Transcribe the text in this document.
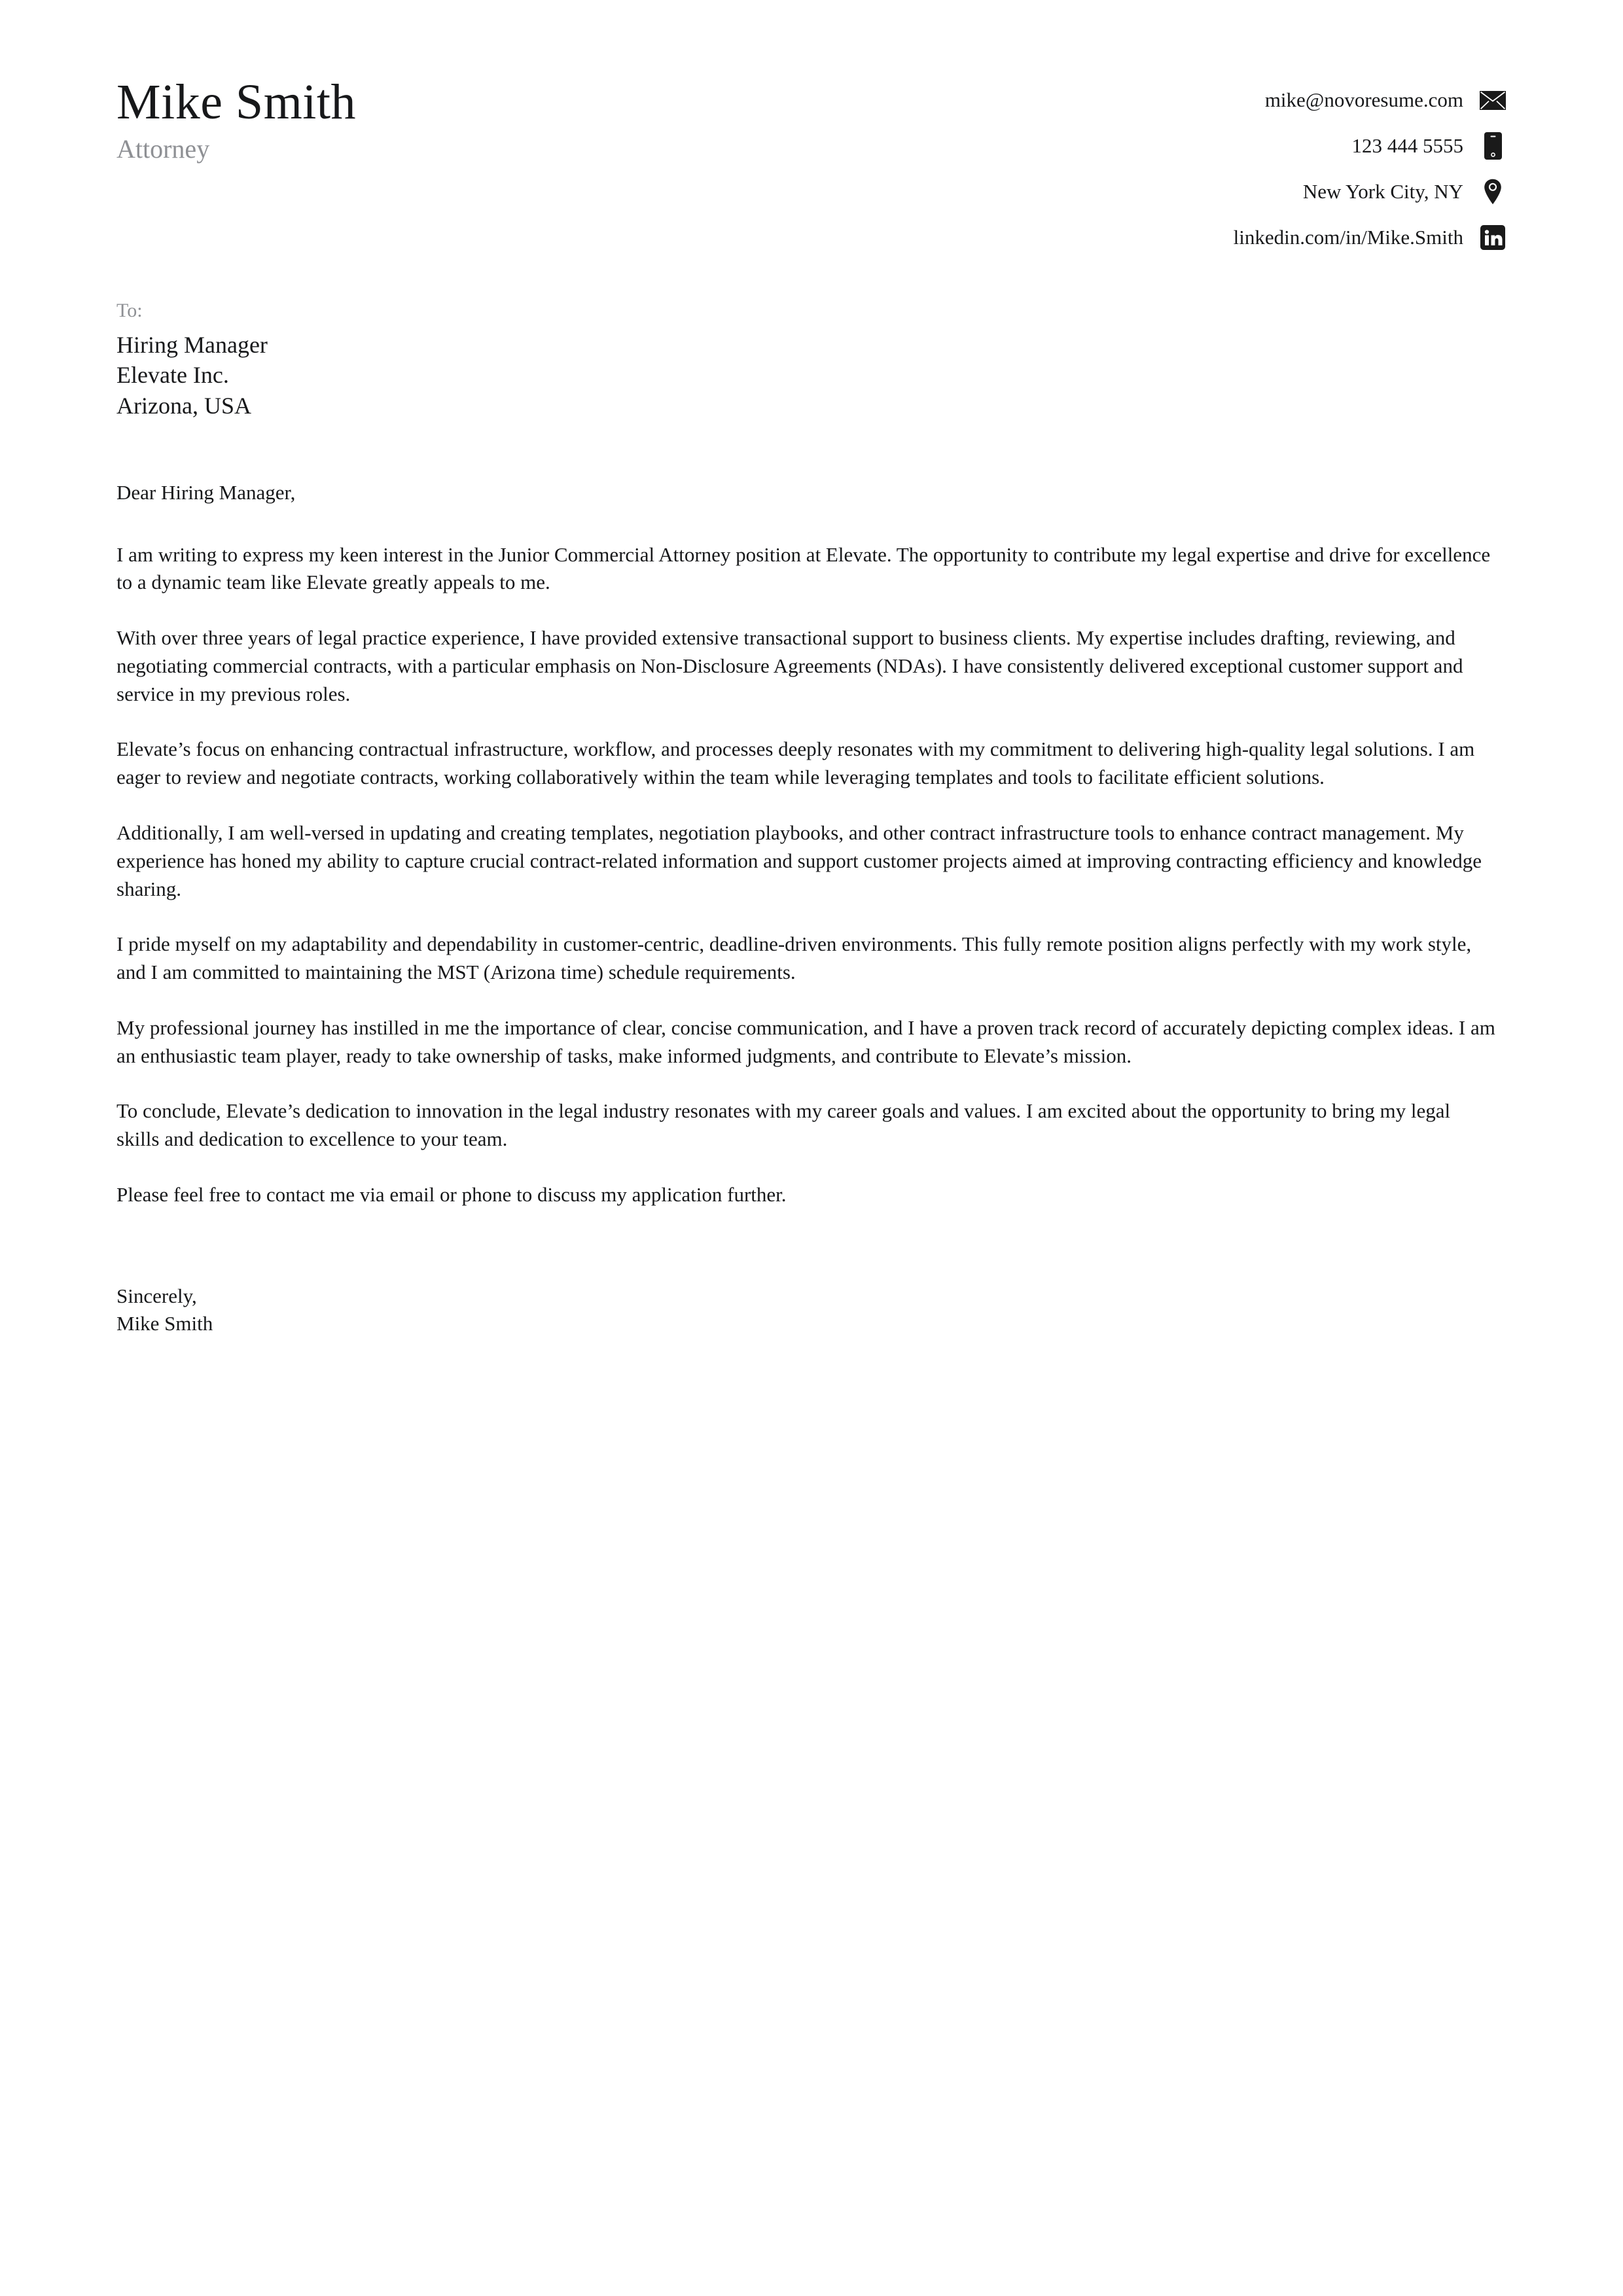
Mike Smith
Attorney
mike@novoresume.com
123 444 5555
New York City, NY
linkedin.com/in/Mike.Smith
To:
Hiring Manager
Elevate Inc.
Arizona, USA

Dear Hiring Manager,

I am writing to express my keen interest in the Junior Commercial Attorney position at Elevate. The opportunity to contribute my legal expertise and drive for excellence to a dynamic team like Elevate greatly appeals to me.

With over three years of legal practice experience, I have provided extensive transactional support to business clients. My expertise includes drafting, reviewing, and negotiating commercial contracts, with a particular emphasis on Non-Disclosure Agreements (NDAs). I have consistently delivered exceptional customer support and service in my previous roles.

Elevate’s focus on enhancing contractual infrastructure, workflow, and processes deeply resonates with my commitment to delivering high-quality legal solutions. I am eager to review and negotiate contracts, working collaboratively within the team while leveraging templates and tools to facilitate efficient solutions.

Additionally, I am well-versed in updating and creating templates, negotiation playbooks, and other contract infrastructure tools to enhance contract management. My experience has honed my ability to capture crucial contract-related information and support customer projects aimed at improving contracting efficiency and knowledge sharing.

I pride myself on my adaptability and dependability in customer-centric, deadline-driven environments. This fully remote position aligns perfectly with my work style, and I am committed to maintaining the MST (Arizona time) schedule requirements.

My professional journey has instilled in me the importance of clear, concise communication, and I have a proven track record of accurately depicting complex ideas. I am an enthusiastic team player, ready to take ownership of tasks, make informed judgments, and contribute to Elevate’s mission.

To conclude, Elevate’s dedication to innovation in the legal industry resonates with my career goals and values. I am excited about the opportunity to bring my legal skills and dedication to excellence to your team.

Please feel free to contact me via email or phone to discuss my application further.

Sincerely,

Mike Smith
